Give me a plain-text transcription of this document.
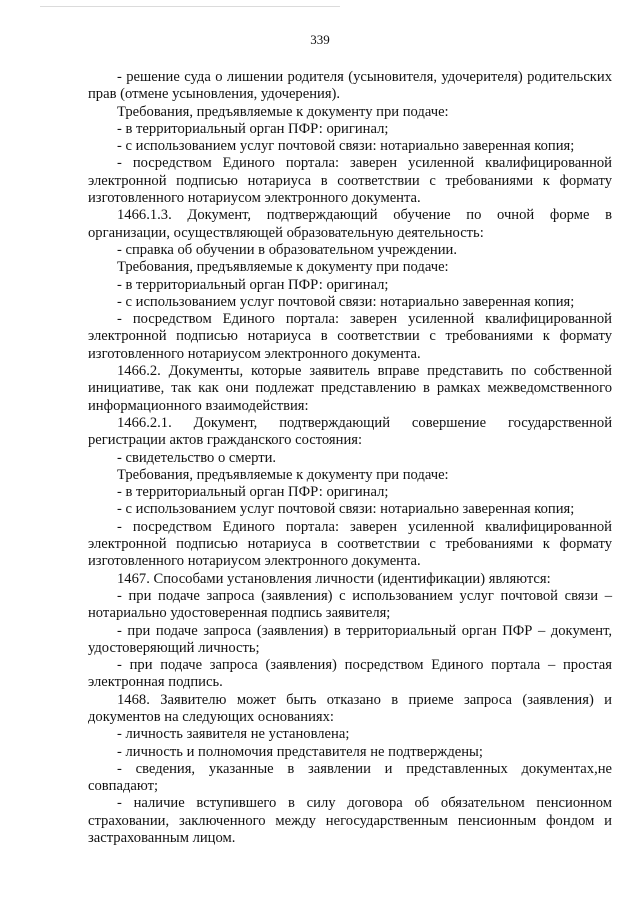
339

- решение суда о лишении родителя (усыновителя, удочерителя) родительских прав (отмене усыновления, удочерения).

Требования, предъявляемые к документу при подаче:

- в территориальный орган ПФР: оригинал;

- с использованием услуг почтовой связи: нотариально заверенная копия;

- посредством Единого портала: заверен усиленной квалифицированной электронной подписью нотариуса в соответствии с требованиями к формату изготовленного нотариусом электронного документа.

1466.1.3. Документ, подтверждающий обучение по очной форме в организации, осуществляющей образовательную деятельность:

- справка об обучении в образовательном учреждении.

Требования, предъявляемые к документу при подаче:

- в территориальный орган ПФР: оригинал;

- с использованием услуг почтовой связи: нотариально заверенная копия;

- посредством Единого портала: заверен усиленной квалифицированной электронной подписью нотариуса в соответствии с требованиями к формату изготовленного нотариусом электронного документа.

1466.2. Документы, которые заявитель вправе представить по собственной инициативе, так как они подлежат представлению в рамках межведомственного информационного взаимодействия:

1466.2.1. Документ, подтверждающий совершение государственной регистрации актов гражданского состояния:

- свидетельство о смерти.

Требования, предъявляемые к документу при подаче:

- в территориальный орган ПФР: оригинал;

- с использованием услуг почтовой связи: нотариально заверенная копия;

- посредством Единого портала: заверен усиленной квалифицированной электронной подписью нотариуса в соответствии с требованиями к формату изготовленного нотариусом электронного документа.

1467. Способами установления личности (идентификации) являются:

- при подаче запроса (заявления) с использованием услуг почтовой связи – нотариально удостоверенная подпись заявителя;

- при подаче запроса (заявления) в территориальный орган ПФР – документ, удостоверяющий личность;

- при подаче запроса (заявления) посредством Единого портала – простая электронная подпись.

1468. Заявителю может быть отказано в приеме запроса (заявления) и документов на следующих основаниях:

- личность заявителя не установлена;

- личность и полномочия представителя не подтверждены;

- сведения, указанные в заявлении и представленных документах,не совпадают;

- наличие вступившего в силу договора об обязательном пенсионном страховании, заключенного между негосударственным пенсионным фондом и застрахованным лицом.
